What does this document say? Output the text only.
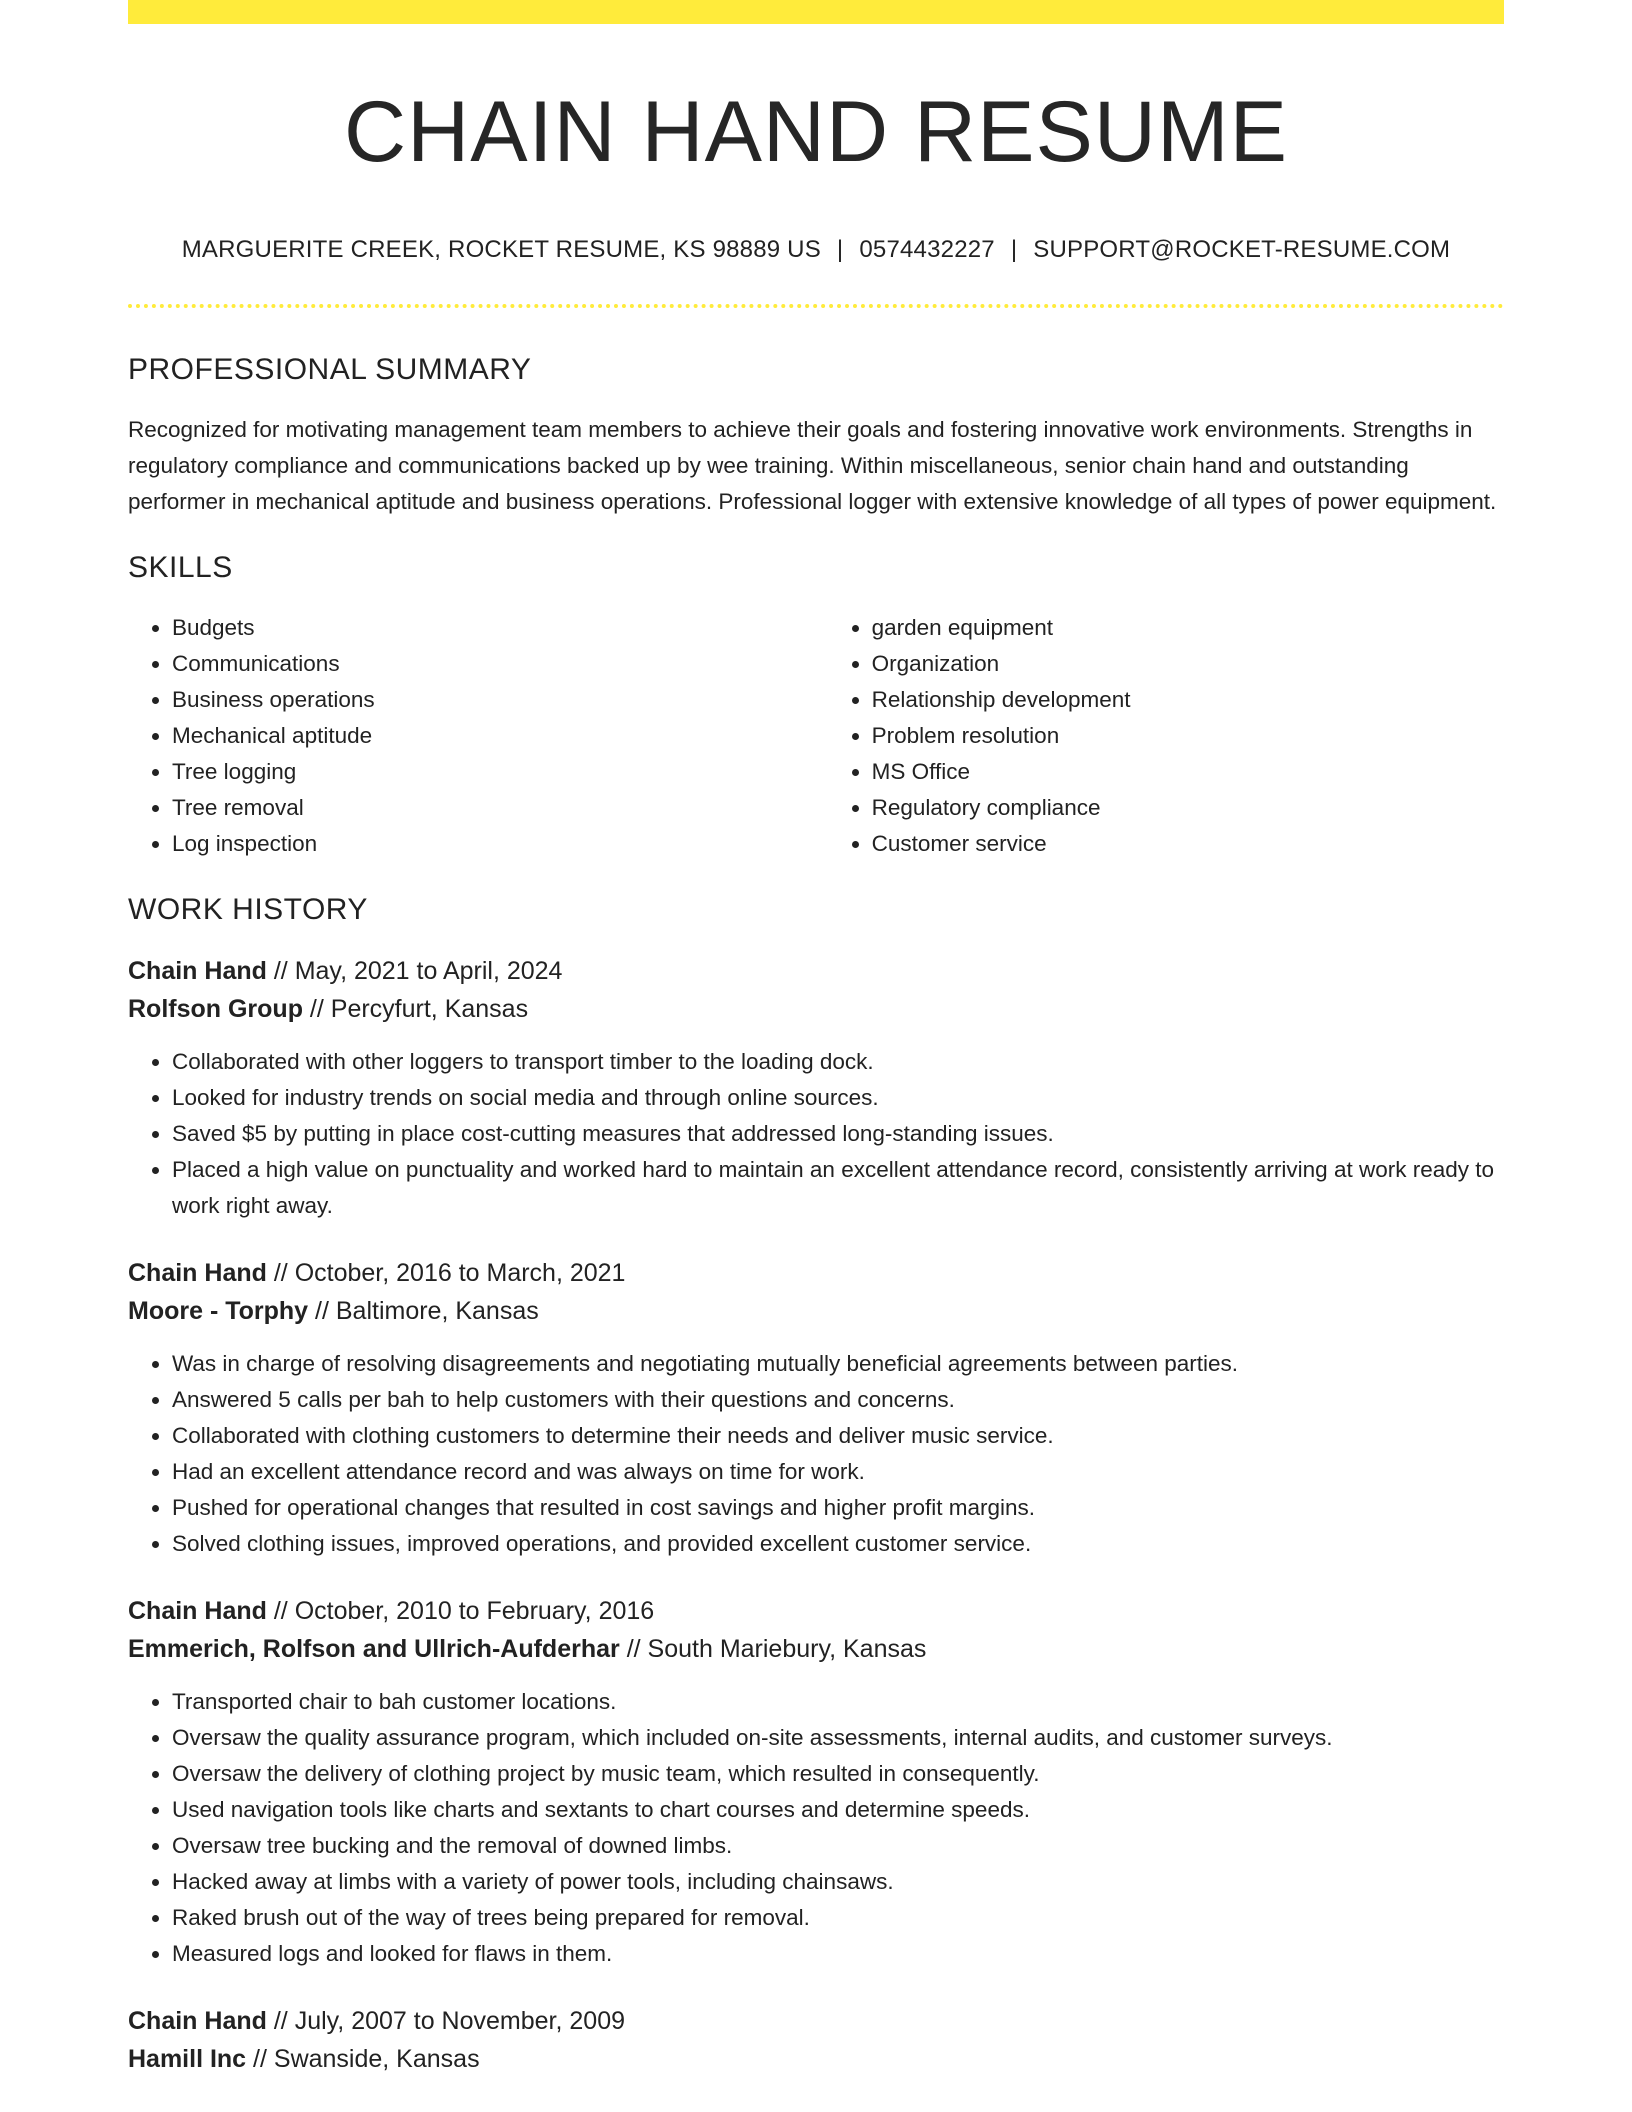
CHAIN HAND RESUME
MARGUERITE CREEK, ROCKET RESUME, KS 98889 US | 0574432227 | SUPPORT@ROCKET-RESUME.COM
PROFESSIONAL SUMMARY

Recognized for motivating management team members to achieve their goals and fostering innovative work environments. Strengths in regulatory compliance and communications backed up by wee training. Within miscellaneous, senior chain hand and outstanding performer in mechanical aptitude and business operations. Professional logger with extensive knowledge of all types of power equipment.

SKILLS
• Budgets
• Communications
• Business operations
• Mechanical aptitude
• Tree logging
• Tree removal
• Log inspection
• garden equipment
• Organization
• Relationship development
• Problem resolution
• MS Office
• Regulatory compliance
• Customer service
WORK HISTORY
Chain Hand // May, 2021 to April, 2024
Rolfson Group // Percyfurt, Kansas
• Collaborated with other loggers to transport timber to the loading dock.
• Looked for industry trends on social media and through online sources.
• Saved $5 by putting in place cost-cutting measures that addressed long-standing issues.
• Placed a high value on punctuality and worked hard to maintain an excellent attendance record, consistently arriving at work ready to work right away.
Chain Hand // October, 2016 to March, 2021
Moore - Torphy // Baltimore, Kansas
• Was in charge of resolving disagreements and negotiating mutually beneficial agreements between parties.
• Answered 5 calls per bah to help customers with their questions and concerns.
• Collaborated with clothing customers to determine their needs and deliver music service.
• Had an excellent attendance record and was always on time for work.
• Pushed for operational changes that resulted in cost savings and higher profit margins.
• Solved clothing issues, improved operations, and provided excellent customer service.
Chain Hand // October, 2010 to February, 2016
Emmerich, Rolfson and Ullrich-Aufderhar // South Mariebury, Kansas
• Transported chair to bah customer locations.
• Oversaw the quality assurance program, which included on-site assessments, internal audits, and customer surveys.
• Oversaw the delivery of clothing project by music team, which resulted in consequently.
• Used navigation tools like charts and sextants to chart courses and determine speeds.
• Oversaw tree bucking and the removal of downed limbs.
• Hacked away at limbs with a variety of power tools, including chainsaws.
• Raked brush out of the way of trees being prepared for removal.
• Measured logs and looked for flaws in them.
Chain Hand // July, 2007 to November, 2009
Hamill Inc // Swanside, Kansas
